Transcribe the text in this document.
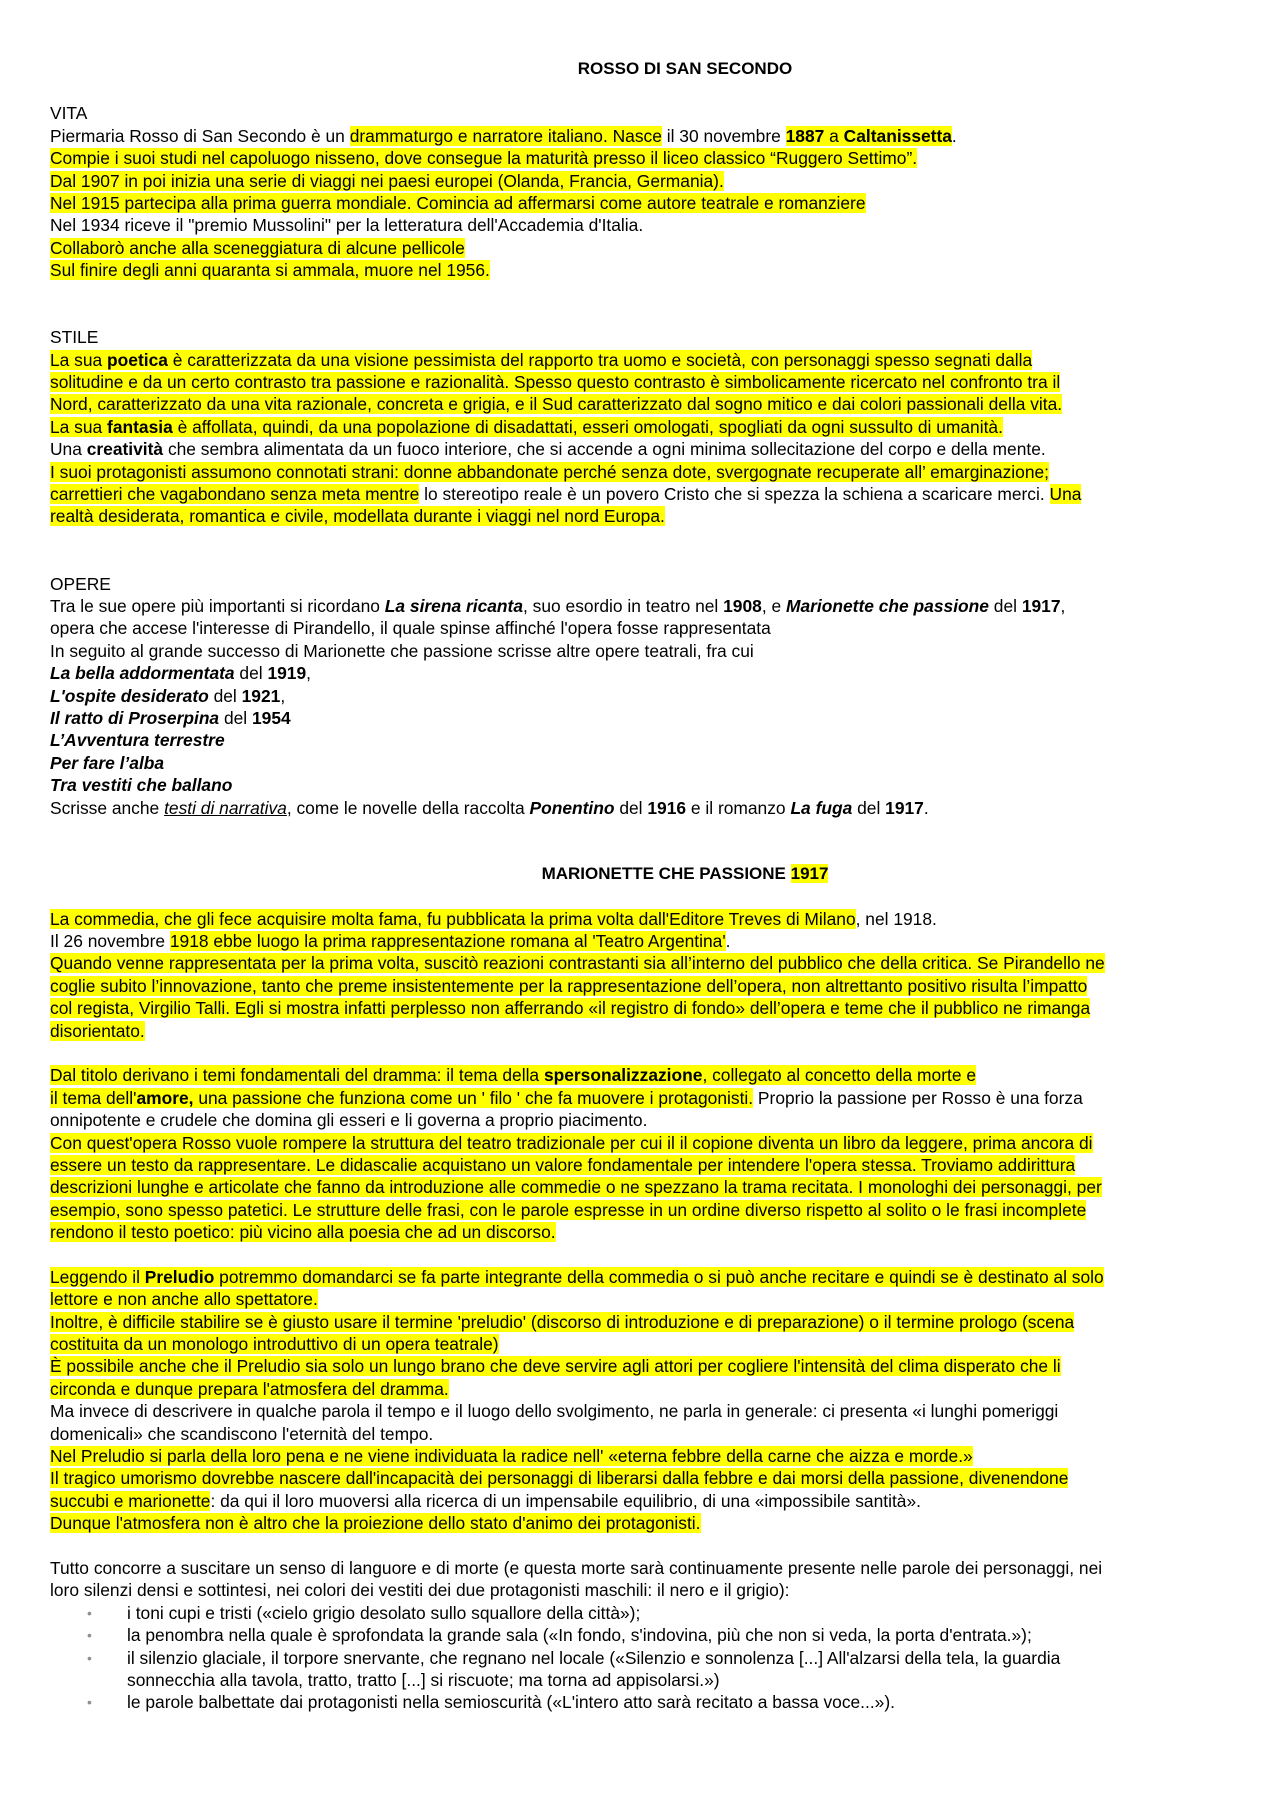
ROSSO DI SAN SECONDO
VITA
Piermaria Rosso di San Secondo è un drammaturgo e narratore italiano. Nasce il 30 novembre 1887 a Caltanissetta.
Compie i suoi studi nel capoluogo nisseno, dove consegue la maturità presso il liceo classico “Ruggero Settimo”.
Dal 1907 in poi inizia una serie di viaggi nei paesi europei (Olanda, Francia, Germania).
Nel 1915 partecipa alla prima guerra mondiale. Comincia ad affermarsi come autore teatrale e romanziere
Nel 1934 riceve il "premio Mussolini" per la letteratura dell'Accademia d'Italia.
Collaborò anche alla sceneggiatura di alcune pellicole
Sul finire degli anni quaranta si ammala, muore nel 1956.
STILE
La sua poetica è caratterizzata da una visione pessimista del rapporto tra uomo e società, con personaggi spesso segnati dalla
solitudine e da un certo contrasto tra passione e razionalità. Spesso questo contrasto è simbolicamente ricercato nel confronto tra il
Nord, caratterizzato da una vita razionale, concreta e grigia, e il Sud caratterizzato dal sogno mitico e dai colori passionali della vita.
La sua fantasia è affollata, quindi, da una popolazione di disadattati, esseri omologati, spogliati da ogni sussulto di umanità.
Una creatività che sembra alimentata da un fuoco interiore, che si accende a ogni minima sollecitazione del corpo e della mente.
I suoi protagonisti assumono connotati strani: donne abbandonate perché senza dote, svergognate recuperate all’ emarginazione;
carrettieri che vagabondano senza meta mentre lo stereotipo reale è un povero Cristo che si spezza la schiena a scaricare merci. Una
realtà desiderata, romantica e civile, modellata durante i viaggi nel nord Europa.
OPERE
Tra le sue opere più importanti si ricordano La sirena ricanta, suo esordio in teatro nel 1908, e Marionette che passione del 1917,
opera che accese l'interesse di Pirandello, il quale spinse affinché l'opera fosse rappresentata
In seguito al grande successo di Marionette che passione scrisse altre opere teatrali, fra cui
La bella addormentata del 1919,
L'ospite desiderato del 1921,
Il ratto di Proserpina del 1954
L’Avventura terrestre
Per fare l’alba
Tra vestiti che ballano
Scrisse anche testi di narrativa, come le novelle della raccolta Ponentino del 1916 e il romanzo La fuga del 1917.
MARIONETTE CHE PASSIONE 1917
La commedia, che gli fece acquisire molta fama, fu pubblicata la prima volta dall'Editore Treves di Milano, nel 1918.
Il 26 novembre 1918 ebbe luogo la prima rappresentazione romana al 'Teatro Argentina'.
Quando venne rappresentata per la prima volta, suscitò reazioni contrastanti sia all’interno del pubblico che della critica. Se Pirandello ne
coglie subito l’innovazione, tanto che preme insistentemente per la rappresentazione dell’opera, non altrettanto positivo risulta l’impatto
col regista, Virgilio Talli. Egli si mostra infatti perplesso non afferrando «il registro di fondo» dell’opera e teme che il pubblico ne rimanga
disorientato.
Dal titolo derivano i temi fondamentali del dramma: il tema della spersonalizzazione, collegato al concetto della morte e
il tema dell'amore, una passione che funziona come un ' filo ' che fa muovere i protagonisti. Proprio la passione per Rosso è una forza
onnipotente e crudele che domina gli esseri e li governa a proprio piacimento.
Con quest'opera Rosso vuole rompere la struttura del teatro tradizionale per cui il il copione diventa un libro da leggere, prima ancora di
essere un testo da rappresentare. Le didascalie acquistano un valore fondamentale per intendere l'opera stessa. Troviamo addirittura
descrizioni lunghe e articolate che fanno da introduzione alle commedie o ne spezzano la trama recitata. I monologhi dei personaggi, per
esempio, sono spesso patetici. Le strutture delle frasi, con le parole espresse in un ordine diverso rispetto al solito o le frasi incomplete
rendono il testo poetico: più vicino alla poesia che ad un discorso.
Leggendo il Preludio potremmo domandarci se fa parte integrante della commedia o si può anche recitare e quindi se è destinato al solo
lettore e non anche allo spettatore.
Inoltre, è difficile stabilire se è giusto usare il termine 'preludio' (discorso di introduzione e di preparazione) o il termine prologo (scena
costituita da un monologo introduttivo di un opera teatrale)
È possibile anche che il Preludio sia solo un lungo brano che deve servire agli attori per cogliere l'intensità del clima disperato che li
circonda e dunque prepara l'atmosfera del dramma.
Ma invece di descrivere in qualche parola il tempo e il luogo dello svolgimento, ne parla in generale: ci presenta «i lunghi pomeriggi
domenicali» che scandiscono l'eternità del tempo.
Nel Preludio si parla della loro pena e ne viene individuata la radice nell' «eterna febbre della carne che aizza e morde.»
Il tragico umorismo dovrebbe nascere dall'incapacità dei personaggi di liberarsi dalla febbre e dai morsi della passione, divenendone
succubi e marionette: da qui il loro muoversi alla ricerca di un impensabile equilibrio, di una «impossibile santità».
Dunque l'atmosfera non è altro che la proiezione dello stato d'animo dei protagonisti.
Tutto concorre a suscitare un senso di languore e di morte (e questa morte sarà continuamente presente nelle parole dei personaggi, nei
loro silenzi densi e sottintesi, nei colori dei vestiti dei due protagonisti maschili: il nero e il grigio):
• i toni cupi e tristi («cielo grigio desolato sullo squallore della città»);
• la penombra nella quale è sprofondata la grande sala («In fondo, s'indovina, più che non si veda, la porta d'entrata.»);
• il silenzio glaciale, il torpore snervante, che regnano nel locale («Silenzio e sonnolenza [...] All'alzarsi della tela, la guardia
sonnecchia alla tavola, tratto, tratto [...] si riscuote; ma torna ad appisolarsi.»)
• le parole balbettate dai protagonisti nella semioscurità («L'intero atto sarà recitato a bassa voce...»).
